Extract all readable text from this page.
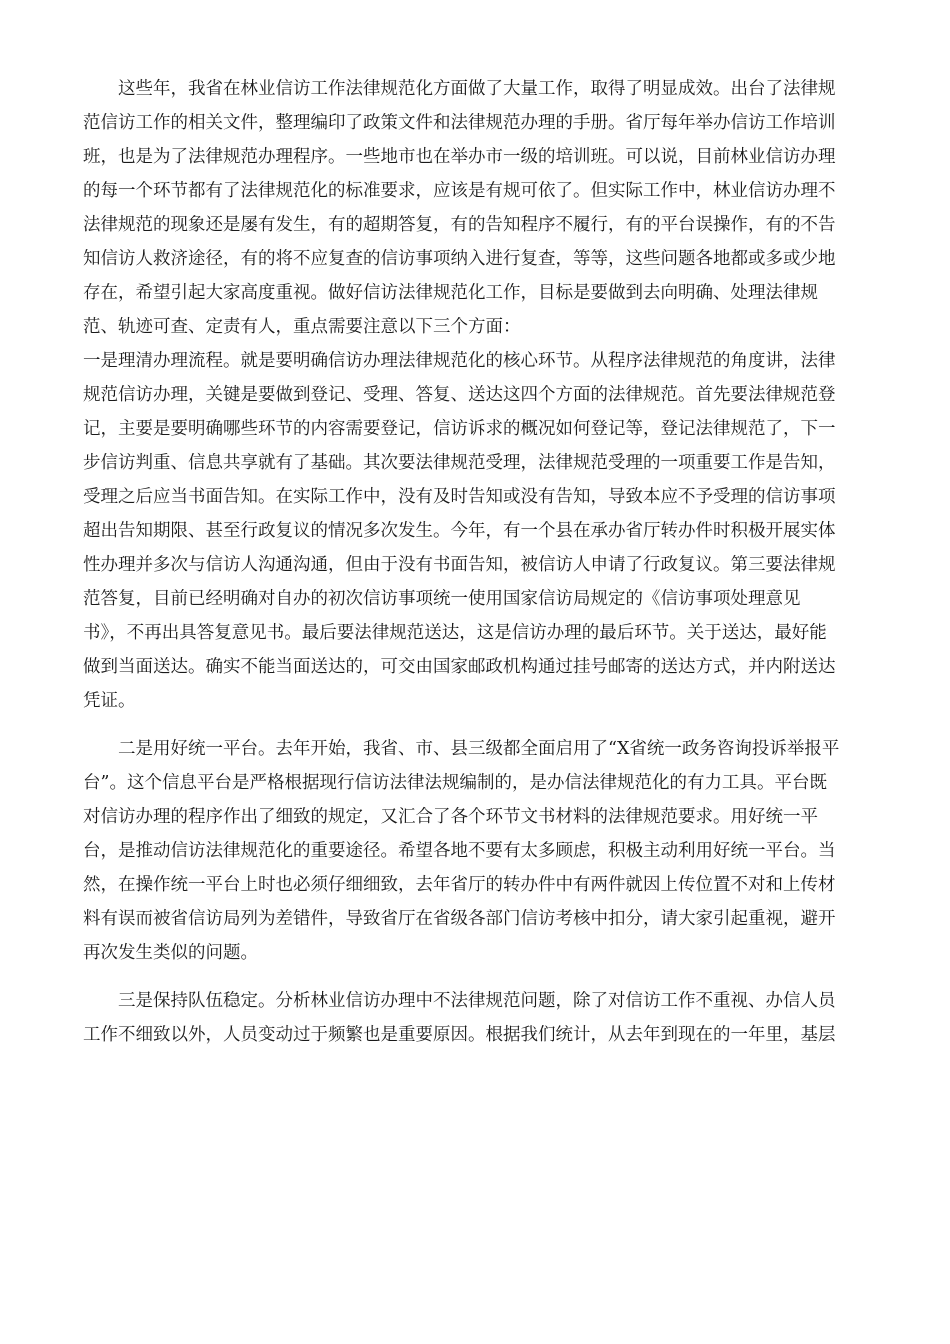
这些年，我省在林业信访工作法律规范化方面做了大量工作，取得了明显成效。出台了法律规
范信访工作的相关文件，整理编印了政策文件和法律规范办理的手册。省厅每年举办信访工作培训
班，也是为了法律规范办理程序。一些地市也在举办市一级的培训班。可以说，目前林业信访办理
的每一个环节都有了法律规范化的标准要求，应该是有规可依了。但实际工作中，林业信访办理不
法律规范的现象还是屡有发生，有的超期答复，有的告知程序不履行，有的平台误操作，有的不告
知信访人救济途径，有的将不应复查的信访事项纳入进行复查，等等，这些问题各地都或多或少地
存在，希望引起大家高度重视。做好信访法律规范化工作，目标是要做到去向明确、处理法律规
范、轨迹可查、定责有人，重点需要注意以下三个方面：
一是理清办理流程。就是要明确信访办理法律规范化的核心环节。从程序法律规范的角度讲，法律
规范信访办理，关键是要做到登记、受理、答复、送达这四个方面的法律规范。首先要法律规范登
记，主要是要明确哪些环节的内容需要登记，信访诉求的概况如何登记等，登记法律规范了，下一
步信访判重、信息共享就有了基础。其次要法律规范受理，法律规范受理的一项重要工作是告知，
受理之后应当书面告知。在实际工作中，没有及时告知或没有告知，导致本应不予受理的信访事项
超出告知期限、甚至行政复议的情况多次发生。今年，有一个县在承办省厅转办件时积极开展实体
性办理并多次与信访人沟通沟通，但由于没有书面告知，被信访人申请了行政复议。第三要法律规
范答复，目前已经明确对自办的初次信访事项统一使用国家信访局规定的《信访事项处理意见
书》，不再出具答复意见书。最后要法律规范送达，这是信访办理的最后环节。关于送达，最好能
做到当面送达。确实不能当面送达的，可交由国家邮政机构通过挂号邮寄的送达方式，并内附送达
凭证。
二是用好统一平台。去年开始，我省、市、县三级都全面启用了“X省统一政务咨询投诉举报平
台”。这个信息平台是严格根据现行信访法律法规编制的，是办信法律规范化的有力工具。平台既
对信访办理的程序作出了细致的规定，又汇合了各个环节文书材料的法律规范要求。用好统一平
台，是推动信访法律规范化的重要途径。希望各地不要有太多顾虑，积极主动利用好统一平台。当
然，在操作统一平台上时也必须仔细细致，去年省厅的转办件中有两件就因上传位置不对和上传材
料有误而被省信访局列为差错件，导致省厅在省级各部门信访考核中扣分，请大家引起重视，避开
再次发生类似的问题。
三是保持队伍稳定。分析林业信访办理中不法律规范问题，除了对信访工作不重视、办信人员
工作不细致以外，人员变动过于频繁也是重要原因。根据我们统计，从去年到现在的一年里，基层
